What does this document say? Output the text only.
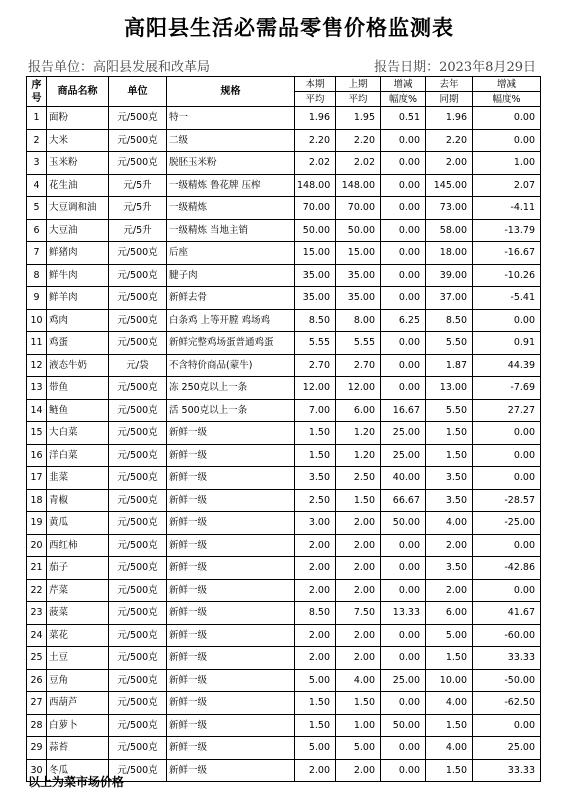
高阳县生活必需品零售价格监测表
报告单位：高阳县发展和改革局	报告日期：2023年8月29日
序
号	商品名称	单位	规格	本期	上期	增减	去年	增减
				平均	平均	幅度%	同期	幅度%
1	面粉	元/500克	特一	1.96	1.95	0.51	1.96	0.00
2	大米	元/500克	二级	2.20	2.20	0.00	2.20	0.00
3	玉米粉	元/500克	脱胚玉米粉	2.02	2.02	0.00	2.00	1.00
4	花生油	元/5升	一级精炼 鲁花牌 压榨	148.00	148.00	0.00	145.00	2.07
5	大豆调和油	元/5升	一级精炼	70.00	70.00	0.00	73.00	-4.11
6	大豆油	元/5升	一级精炼 当地主销	50.00	50.00	0.00	58.00	-13.79
7	鲜猪肉	元/500克	后座	15.00	15.00	0.00	18.00	-16.67
8	鲜牛肉	元/500克	腱子肉	35.00	35.00	0.00	39.00	-10.26
9	鲜羊肉	元/500克	新鲜去骨	35.00	35.00	0.00	37.00	-5.41
10	鸡肉	元/500克	白条鸡 上等开膛 鸡场鸡	8.50	8.00	6.25	8.50	0.00
11	鸡蛋	元/500克	新鲜完整鸡场蛋普通鸡蛋	5.55	5.55	0.00	5.50	0.91
12	液态牛奶	元/袋	不含特价商品(蒙牛)	2.70	2.70	0.00	1.87	44.39
13	带鱼	元/500克	冻 250克以上一条	12.00	12.00	0.00	13.00	-7.69
14	鲢鱼	元/500克	活 500克以上一条	7.00	6.00	16.67	5.50	27.27
15	大白菜	元/500克	新鲜一级	1.50	1.20	25.00	1.50	0.00
16	洋白菜	元/500克	新鲜一级	1.50	1.20	25.00	1.50	0.00
17	韭菜	元/500克	新鲜一级	3.50	2.50	40.00	3.50	0.00
18	青椒	元/500克	新鲜一级	2.50	1.50	66.67	3.50	-28.57
19	黄瓜	元/500克	新鲜一级	3.00	2.00	50.00	4.00	-25.00
20	西红柿	元/500克	新鲜一级	2.00	2.00	0.00	2.00	0.00
21	茄子	元/500克	新鲜一级	2.00	2.00	0.00	3.50	-42.86
22	芹菜	元/500克	新鲜一级	2.00	2.00	0.00	2.00	0.00
23	菠菜	元/500克	新鲜一级	8.50	7.50	13.33	6.00	41.67
24	菜花	元/500克	新鲜一级	2.00	2.00	0.00	5.00	-60.00
25	土豆	元/500克	新鲜一级	2.00	2.00	0.00	1.50	33.33
26	豆角	元/500克	新鲜一级	5.00	4.00	25.00	10.00	-50.00
27	西葫芦	元/500克	新鲜一级	1.50	1.50	0.00	4.00	-62.50
28	白萝卜	元/500克	新鲜一级	1.50	1.00	50.00	1.50	0.00
29	蒜苔	元/500克	新鲜一级	5.00	5.00	0.00	4.00	25.00
30	冬瓜	元/500克	新鲜一级	2.00	2.00	0.00	1.50	33.33
以上为菜市场价格
